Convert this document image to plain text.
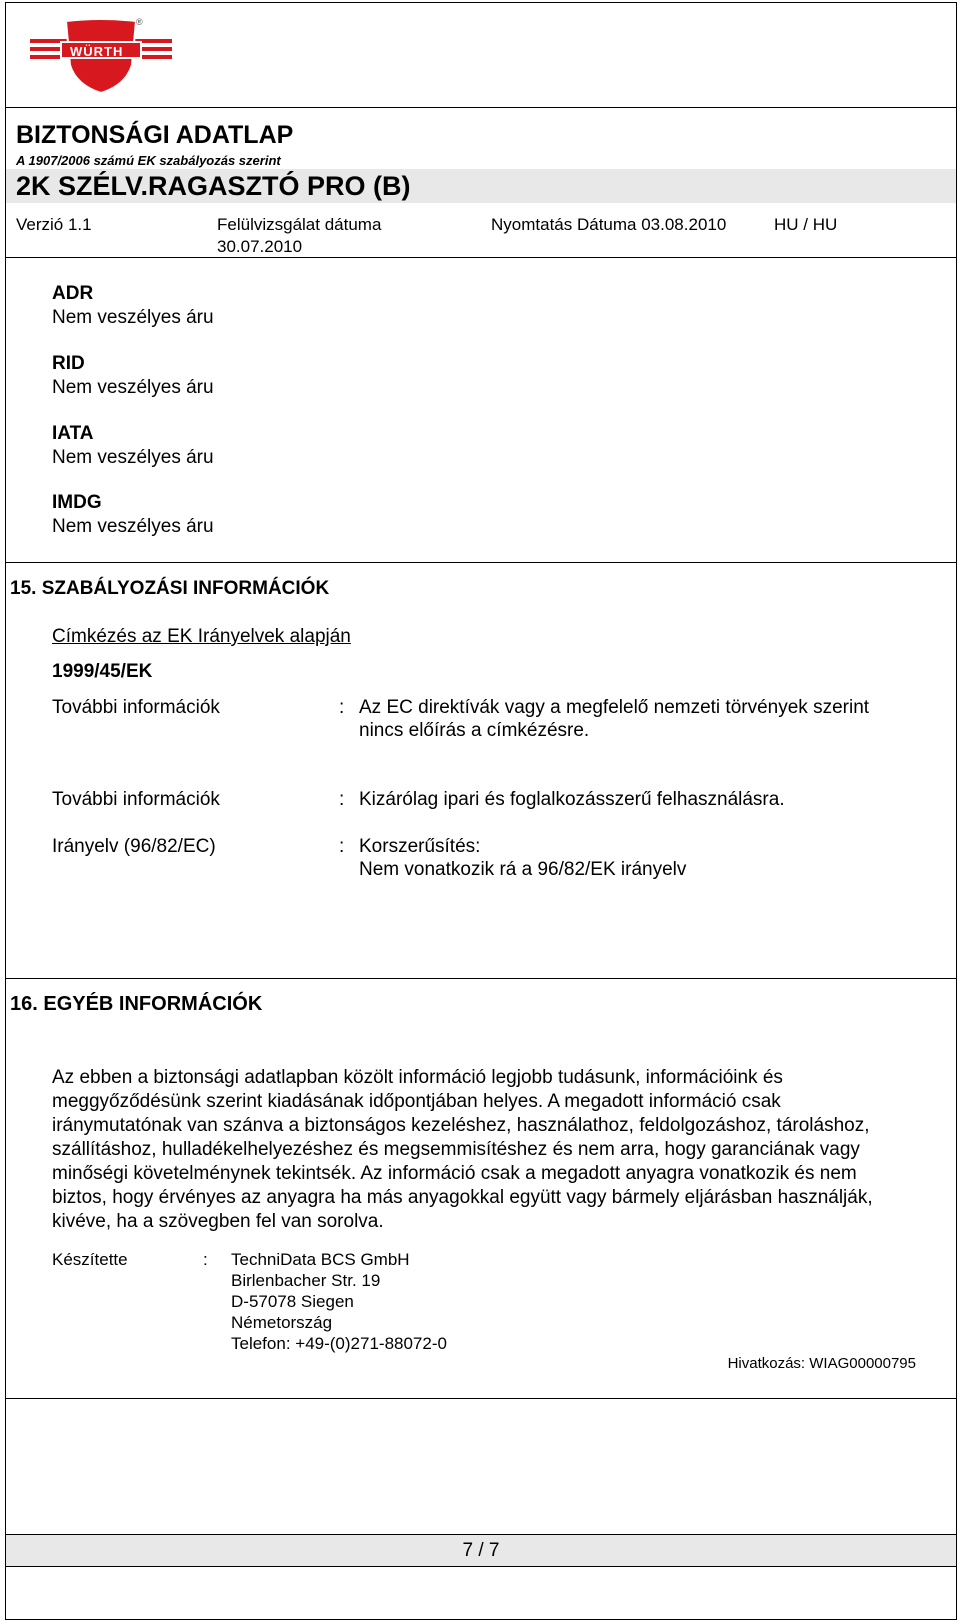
WÜRTH
®
BIZTONSÁGI ADATLAP
A 1907/2006 számú EK szabályozás szerint
2K SZÉLV.RAGASZTÓ PRO (B)
Verzió 1.1	Felülvizsgálat dátuma
30.07.2010
Nyomtatás Dátuma 03.08.2010	HU / HU
ADR
Nem veszélyes áru
RID
Nem veszélyes áru
IATA
Nem veszélyes áru
IMDG
Nem veszélyes áru
15. SZABÁLYOZÁSI INFORMÁCIÓK
Címkézés az EK Irányelvek alapján
1999/45/EK
További információk	: Az EC direktívák vagy a megfelelő nemzeti törvények szerint
nincs előírás a címkézésre.
További információk	: Kizárólag ipari és foglalkozásszerű felhasználásra.
Irányelv (96/82/EC)	: Korszerűsítés:
Nem vonatkozik rá a 96/82/EK irányelv
16. EGYÉB INFORMÁCIÓK
Az ebben a biztonsági adatlapban közölt információ legjobb tudásunk, információink és
meggyőződésünk szerint kiadásának időpontjában helyes. A megadott információ csak
iránymutatónak van szánva a biztonságos kezeléshez, használathoz, feldolgozáshoz, tároláshoz,
szállításhoz, hulladékelhelyezéshez és megsemmisítéshez és nem arra, hogy garanciának vagy
minőségi követelménynek tekintsék. Az információ csak a megadott anyagra vonatkozik és nem
biztos, hogy érvényes az anyagra ha más anyagokkal együtt vagy bármely eljárásban használják,
kivéve, ha a szövegben fel van sorolva.
Készítette	: TechniData BCS GmbH
Birlenbacher Str. 19
D-57078 Siegen
Németország
Telefon: +49-(0)271-88072-0
Hivatkozás: WIAG00000795
7 / 7
